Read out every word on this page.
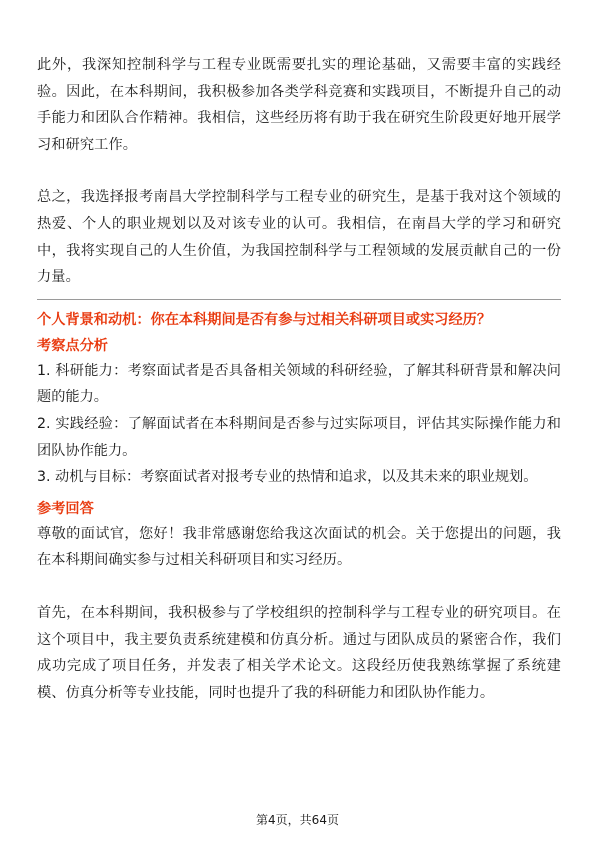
此外，我深知控制科学与工程专业既需要扎实的理论基础，又需要丰富的实践经验。因此，在本科期间，我积极参加各类学科竞赛和实践项目，不断提升自己的动手能力和团队合作精神。我相信，这些经历将有助于我在研究生阶段更好地开展学习和研究工作。

总之，我选择报考南昌大学控制科学与工程专业的研究生，是基于我对这个领域的热爱、个人的职业规划以及对该专业的认可。我相信，在南昌大学的学习和研究中，我将实现自己的人生价值，为我国控制科学与工程领域的发展贡献自己的一份力量。

个人背景和动机：你在本科期间是否有参与过相关科研项目或实习经历？
考察点分析
1. 科研能力：考察面试者是否具备相关领域的科研经验，了解其科研背景和解决问题的能力。
2. 实践经验：了解面试者在本科期间是否参与过实际项目，评估其实际操作能力和团队协作能力。
3. 动机与目标：考察面试者对报考专业的热情和追求，以及其未来的职业规划。
参考回答

尊敬的面试官，您好！我非常感谢您给我这次面试的机会。关于您提出的问题，我在本科期间确实参与过相关科研项目和实习经历。

首先，在本科期间，我积极参与了学校组织的控制科学与工程专业的研究项目。在这个项目中，我主要负责系统建模和仿真分析。通过与团队成员的紧密合作，我们成功完成了项目任务，并发表了相关学术论文。这段经历使我熟练掌握了系统建模、仿真分析等专业技能，同时也提升了我的科研能力和团队协作能力。

第4页，共64页
